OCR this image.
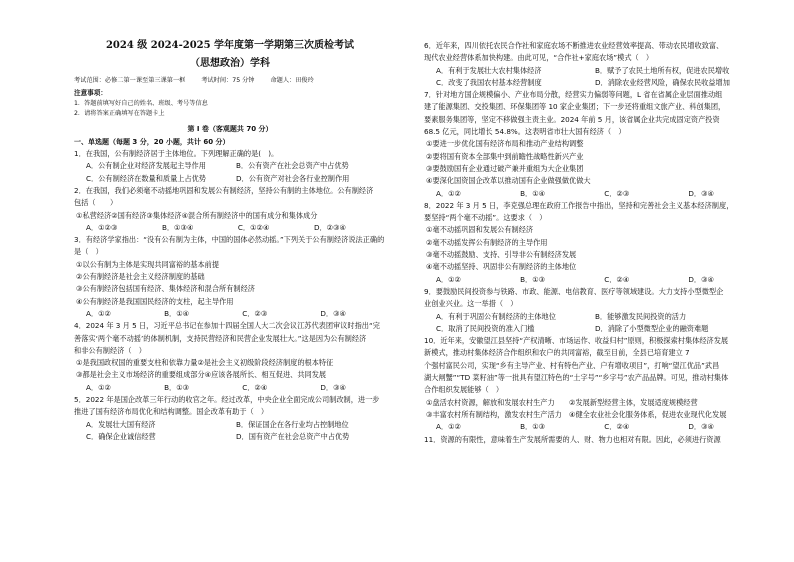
2024 级 2024-2025 学年度第一学期第三次质检考试
（思想政治）学科
考试范围：必修二第一课至第三课第一框	考试时间：75 分钟	命题人：田俊玲
注意事项：
1．答题前填写好自己的姓名、班级、考号等信息
2．请将答案正确填写在答题卡上
第 I 卷（客观题共 70 分）
一、单选题（每题 3 分，20 小题，共计 60 分）

1．在我国，公有制经济居于主体地位。下列理解正确的是(　)。

A．公有制企业对经济发展起主导作用	B．公有资产在社会总资产中占优势
C．公有制经济在数量和质量上占优势	D．公有资产对社会各行业控制作用

2．在我国，我们必须毫不动摇地巩固和发展公有制经济，坚持公有制的主体地位。公有制经济

包括（　　）

①私营经济②国有经济③集体经济④混合所有制经济中的国有成分和集体成分

A．①②③	B．①③④	C．①②④	D．②③④

3．有经济学家指出：“没有公有制为主体，中国的国体必然动摇。”下列关于公有制经济说法正确的

是（　）

①以公有制为主体是实现共同富裕的基本前提

②公有制经济是社会主义经济制度的基础

③公有制经济包括国有经济、集体经济和混合所有制经济

④公有制经济是我国国民经济的支柱，起主导作用

A．①②	B．①④	C．②③	D．③④

4．2024 年 3 月 5 日，习近平总书记在参加十四届全国人大二次会议江苏代表团审议时指出“完

善落实‘两个毫不动摇’的体制机制，支持民营经济和民营企业发展壮大。”这是因为公有制经济

和非公有制经济（　）

①是我国政权国的重要支柱和依靠力量②是社会主义初级阶段经济制度的根本特征

③都是社会主义市场经济的重要组成部分④应该各展所长、相互促进、共同发展

A．①②	B．①③	C．②④	D．③④

5．2022 年是国企改革三年行动的收官之年。经过改革，中央企业全面完成公司制改制，进一步

推进了国有经济布局优化和结构调整。国企改革有助于（　）

A．发展壮大国有经济	B．保证国企在各行业均占控制地位
C．确保企业诚信经营	D．国有资产在社会总资产中占优势

6．近年来，四川依托农民合作社和家庭农场不断推进农业经营效率提高、带动农民增收致富、

现代农业经营体系加快构建。由此可见，“合作社+家庭农场”模式（　）

A．有利于发展壮大农村集体经济	B．赋予了农民土地所有权，促进农民增收
C．改变了我国农村基本经营制度	D．消除农业经营风险，确保农民收益增加

7．针对地方国企规模偏小、产业布局分散，经营实力偏弱等问题，L 省在省属企业层面推动组

建了能源集团、交投集团、环保集团等 10 家企业集团；下一步还将重组文旅产业、科创集团，

要素服务集团等，坚定不移做强主责主业。2024 年前 5 月，该省属企业共完成固定资产投资

68.5 亿元，同比增长 54.8%。这表明省市壮大国有经济（　）

①要进一步优化国有经济布局和推动产业结构调整

②要将国有资本全部集中到前瞻性战略性新兴产业

③要鼓励国有企业通过破产兼并重组为大企业集团

④要深化国资国企改革以推动国有企业做强做优做大

A．①②	B．①④	C．②③	D．③④

8．2022 年 3 月 5 日，李克强总理在政府工作报告中指出，坚持和完善社会主义基本经济制度，

要坚持“两个毫不动摇”。这要求（　）

①毫不动摇巩固和发展公有制经济

②毫不动摇发挥公有制经济的主导作用

③毫不动摇鼓励、支持、引导非公有制经济发展

④毫不动摇坚持、巩固非公有制经济的主体地位

A．①②	B．①③	C．②④	D．③④

9．要鼓励民间投资参与铁路、市政、能源、电信教育、医疗等领域建设。大力支持小型微型企

业创业兴业。这一举措（　）

A．有利于巩固公有制经济的主体地位	B．能够激发民间投资的活力
C．取消了民间投资的准入门槛	D．消除了小型微型企业的融资难题

10．近年来，安徽望江县坚持“产权清晰、市场运作、收益归村”原则，积极探索村集体经济发展

新模式，推动村集体经济合作组织和农户的共同富裕，截至目前，全县已培育建立 7

个强村富民公司，实现“乡有主导产业、村有特色产业、户有增收项目”，打响“望江优品”武昌

湖大闸蟹”“TD 菜籽油”等一批具有望江特色的“土字号”“乡字号”农产品品牌。可见，推动村集体

合作组织发展能够（　）

①盘活农村资源，解放和发展农村生产力　　②发展新型经营主体，发展适度规模经营

③丰富农村所有制结构，激发农村生产活力　④健全农业社会化服务体系，促进农业现代化发展

A．①②	B．①③	C．②④	D．③④

11．资源的有限性，意味着生产发展所需要的人、财、物力也相对有限。因此，必须进行资源
